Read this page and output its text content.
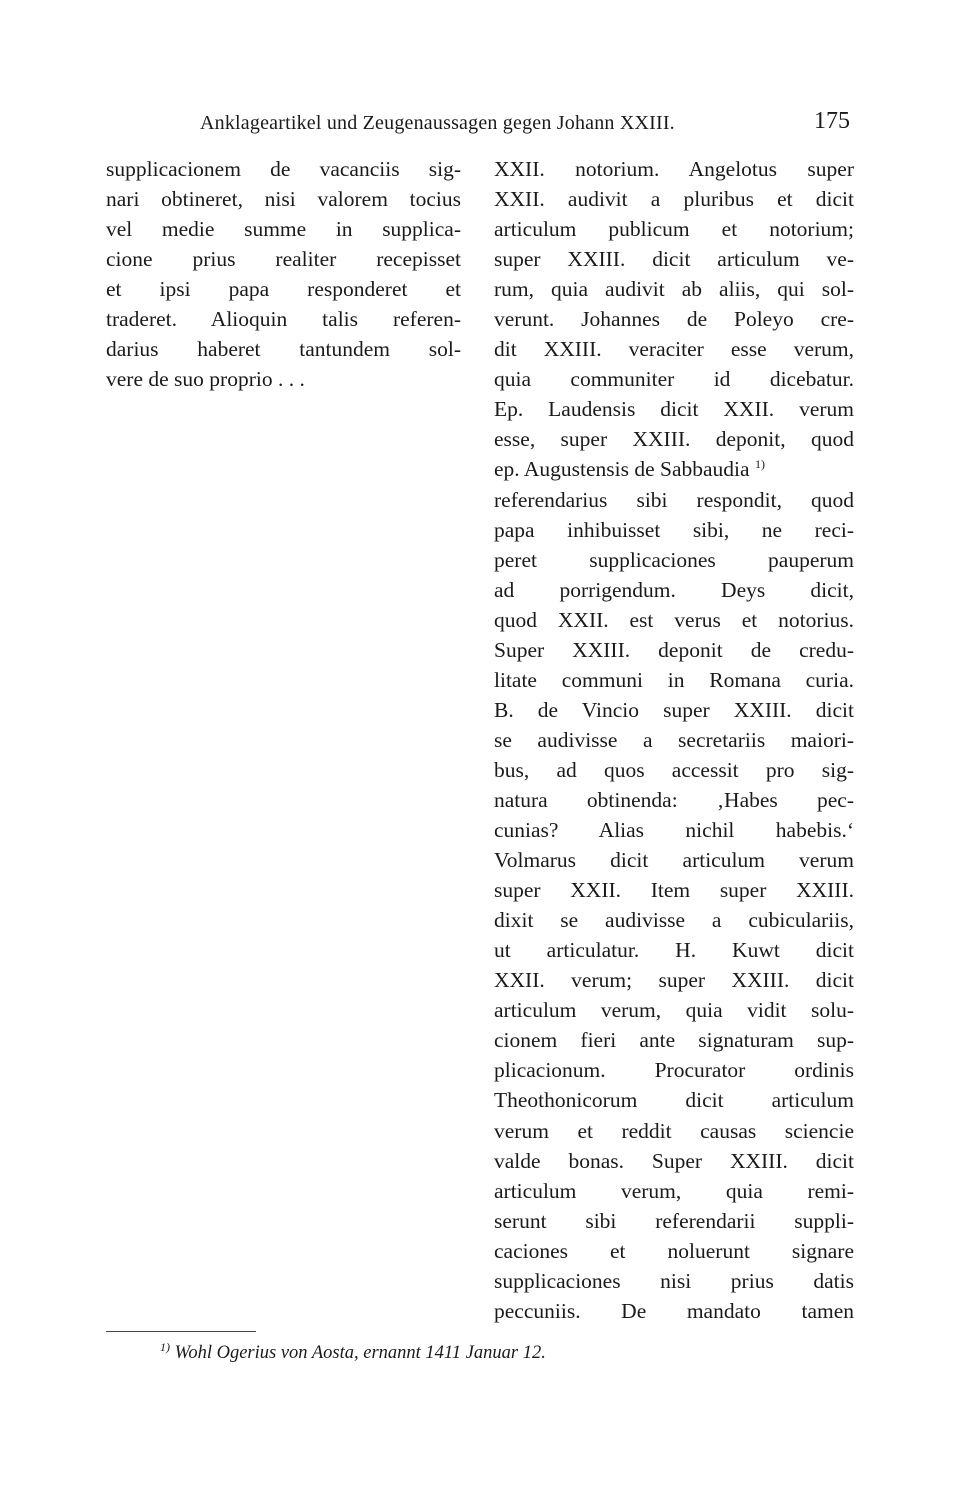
Anklageartikel und Zeugenaussagen gegen Johann XXIII.	175
supplicacionem de vacanciis sig-
nari obtineret, nisi valorem tocius
vel medie summe in supplica-
cione prius realiter recepisset
et ipsi papa responderet et
traderet. Alioquin talis referen-
darius haberet tantundem sol-
vere de suo proprio . . .
XXII. notorium. Angelotus super
XXII. audivit a pluribus et dicit
articulum publicum et notorium;
super XXIII. dicit articulum ve-
rum, quia audivit ab aliis, qui sol-
verunt. Johannes de Poleyo cre-
dit XXIII. veraciter esse verum,
quia communiter id dicebatur.
Ep. Laudensis dicit XXII. verum
esse, super XXIII. deponit, quod
ep. Augustensis de Sabbaudia $^{1)}$
referendarius sibi respondit, quod
papa inhibuisset sibi, ne reci-
peret supplicaciones pauperum
ad porrigendum. Deys dicit,
quod XXII. est verus et notorius.
Super XXIII. deponit de credu-
litate communi in Romana curia.
B. de Vincio super XXIII. dicit
se audivisse a secretariis maiori-
bus, ad quos accessit pro sig-
natura obtinenda: ‚Habes pec-
cunias? Alias nichil habebis.‘
Volmarus dicit articulum verum
super XXII. Item super XXIII.
dixit se audivisse a cubiculariis,
ut articulatur. H. Kuwt dicit
XXII. verum; super XXIII. dicit
articulum verum, quia vidit solu-
cionem fieri ante signaturam sup-
plicacionum. Procurator ordinis
Theothonicorum dicit articulum
verum et reddit causas sciencie
valde bonas. Super XXIII. dicit
articulum verum, quia remi-
serunt sibi referendarii suppli-
caciones et noluerunt signare
supplicaciones nisi prius datis
peccuniis. De mandato tamen
$^{1)}$ Wohl Ogerius von Aosta, ernannt 1411 Januar 12.
